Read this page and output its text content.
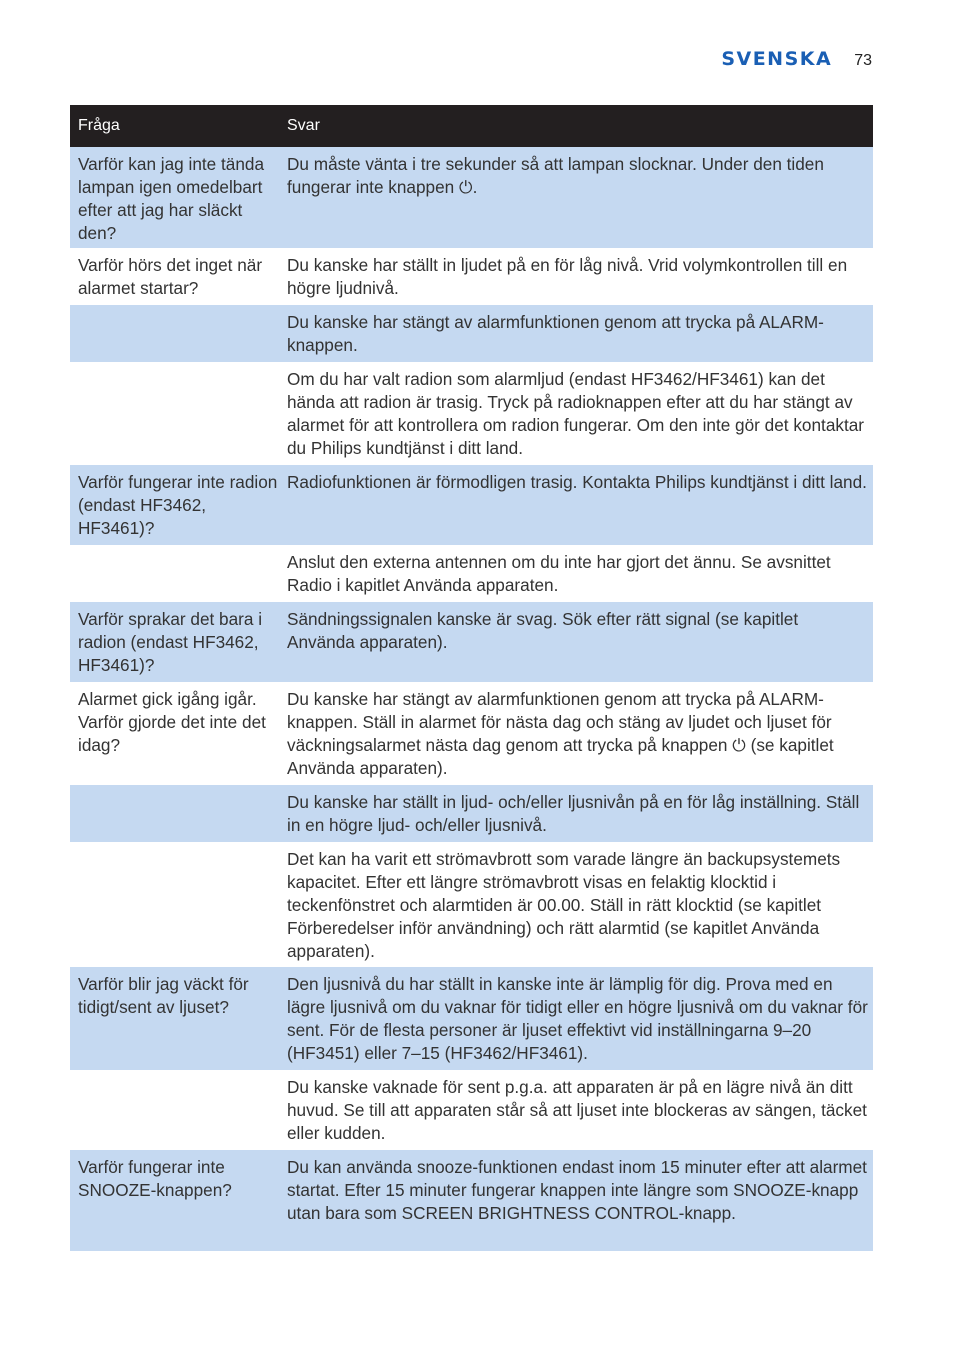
SVENSKA 73
Fråga	Svar
Varför kan jag inte tända lampan igen omedelbart efter att jag har släckt den?
Du måste vänta i tre sekunder så att lampan slocknar. Under den tiden fungerar inte knappen ⏻.
Varför hörs det inget när alarmet startar?
Du kanske har ställt in ljudet på en för låg nivå. Vrid volymkontrollen till en högre ljudnivå.
Du kanske har stängt av alarmfunktionen genom att trycka på ALARM-knappen.
Om du har valt radion som alarmljud (endast HF3462/HF3461) kan det hända att radion är trasig. Tryck på radioknappen efter att du har stängt av alarmet för att kontrollera om radion fungerar. Om den inte gör det kontaktar du Philips kundtjänst i ditt land.
Varför fungerar inte radion (endast HF3462, HF3461)?
Radiofunktionen är förmodligen trasig. Kontakta Philips kundtjänst i ditt land.
Anslut den externa antennen om du inte har gjort det ännu. Se avsnittet Radio i kapitlet Använda apparaten.
Varför sprakar det bara i radion (endast HF3462, HF3461)?
Sändningssignalen kanske är svag. Sök efter rätt signal (se kapitlet Använda apparaten).
Alarmet gick igång igår. Varför gjorde det inte det idag?
Du kanske har stängt av alarmfunktionen genom att trycka på ALARM-knappen. Ställ in alarmet för nästa dag och stäng av ljudet och ljuset för väckningsalarmet nästa dag genom att trycka på knappen ⏻ (se kapitlet Använda apparaten).
Du kanske har ställt in ljud- och/eller ljusnivån på en för låg inställning. Ställ in en högre ljud- och/eller ljusnivå.
Det kan ha varit ett strömavbrott som varade längre än backupsystemets kapacitet. Efter ett längre strömavbrott visas en felaktig klocktid i teckenfönstret och alarmtiden är 00.00. Ställ in rätt klocktid (se kapitlet Förberedelser inför användning) och rätt alarmtid (se kapitlet Använda apparaten).
Varför blir jag väckt för tidigt/sent av ljuset?
Den ljusnivå du har ställt in kanske inte är lämplig för dig. Prova med en lägre ljusnivå om du vaknar för tidigt eller en högre ljusnivå om du vaknar för sent. För de flesta personer är ljuset effektivt vid inställningarna 9–20 (HF3451) eller 7–15 (HF3462/HF3461).
Du kanske vaknade för sent p.g.a. att apparaten är på en lägre nivå än ditt huvud. Se till att apparaten står så att ljuset inte blockeras av sängen, täcket eller kudden.
Varför fungerar inte SNOOZE-knappen?
Du kan använda snooze-funktionen endast inom 15 minuter efter att alarmet startat. Efter 15 minuter fungerar knappen inte längre som SNOOZE-knapp utan bara som SCREEN BRIGHTNESS CONTROL-knapp.
